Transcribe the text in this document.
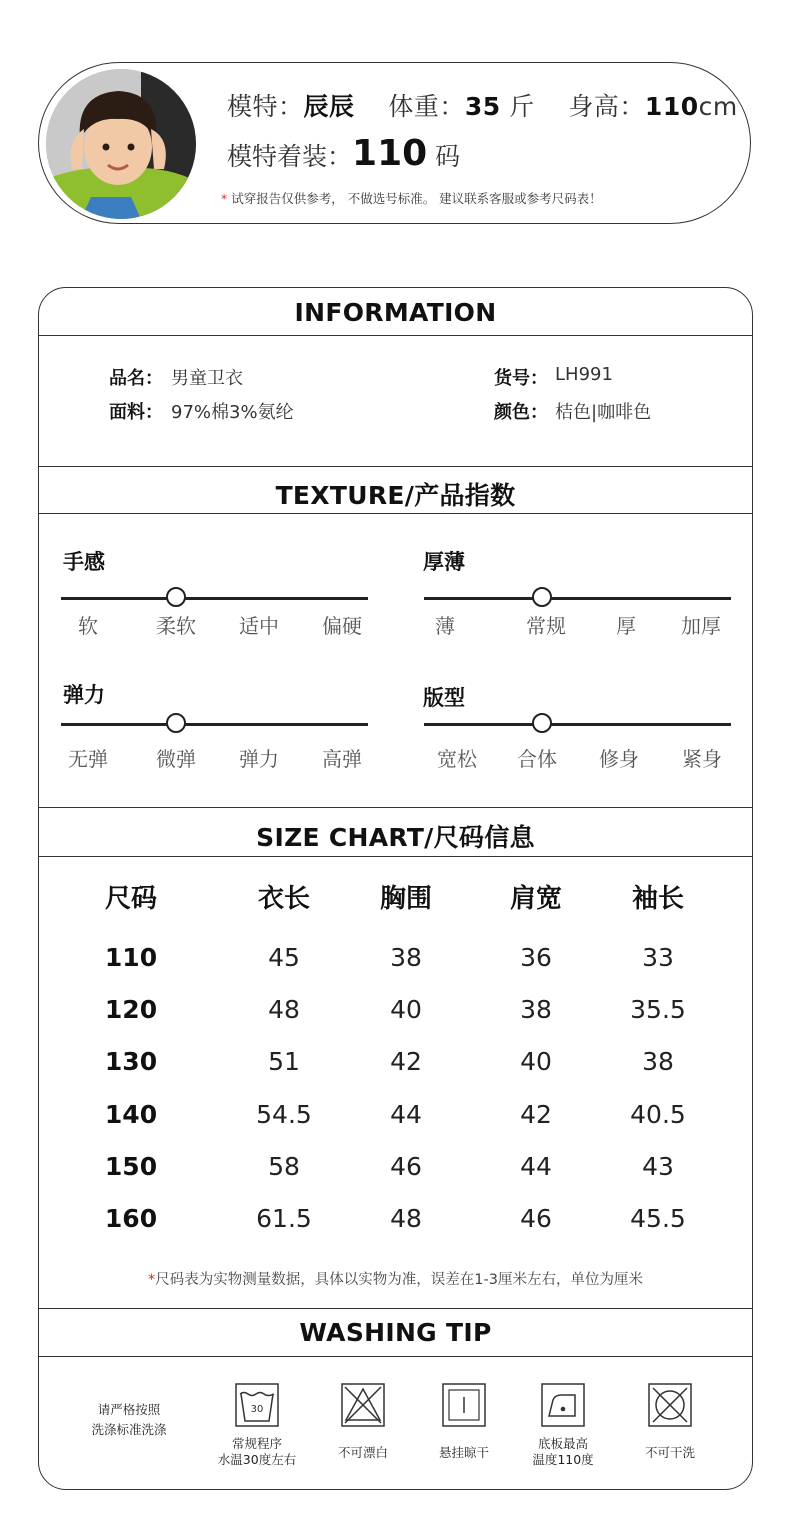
模特：辰辰 体重：35 斤 身高：110cm
模特着装：110 码
* 试穿报告仅供参考， 不做选号标准。 建议联系客服或参考尺码表！
INFORMATION
品名： 男童卫衣
面料： 97%棉3%氨纶
货号： LH991
颜色： 桔色|咖啡色
TEXTURE/产品指数
手感
软	柔软	适中	偏硬
厚薄
薄	常规	厚	加厚
弹力
无弹	微弹	弹力	高弹
版型
宽松	合体	修身	紧身
SIZE CHART/尺码信息
尺码	衣长	胸围	肩宽	袖长
110	45	38	36	33
120	48	40	38	35.5
130	51	42	40	38
140	54.5	44	42	40.5
150	58	46	44	43
160	61.5	48	46	45.5
*尺码表为实物测量数据，具体以实物为准，误差在1-3厘米左右，单位为厘米
WASHING TIP
请严格按照
洗涤标准洗涤
30
常规程序
水温30度左右	不可漂白	悬挂晾干
底板最高
温度110度	不可干洗
